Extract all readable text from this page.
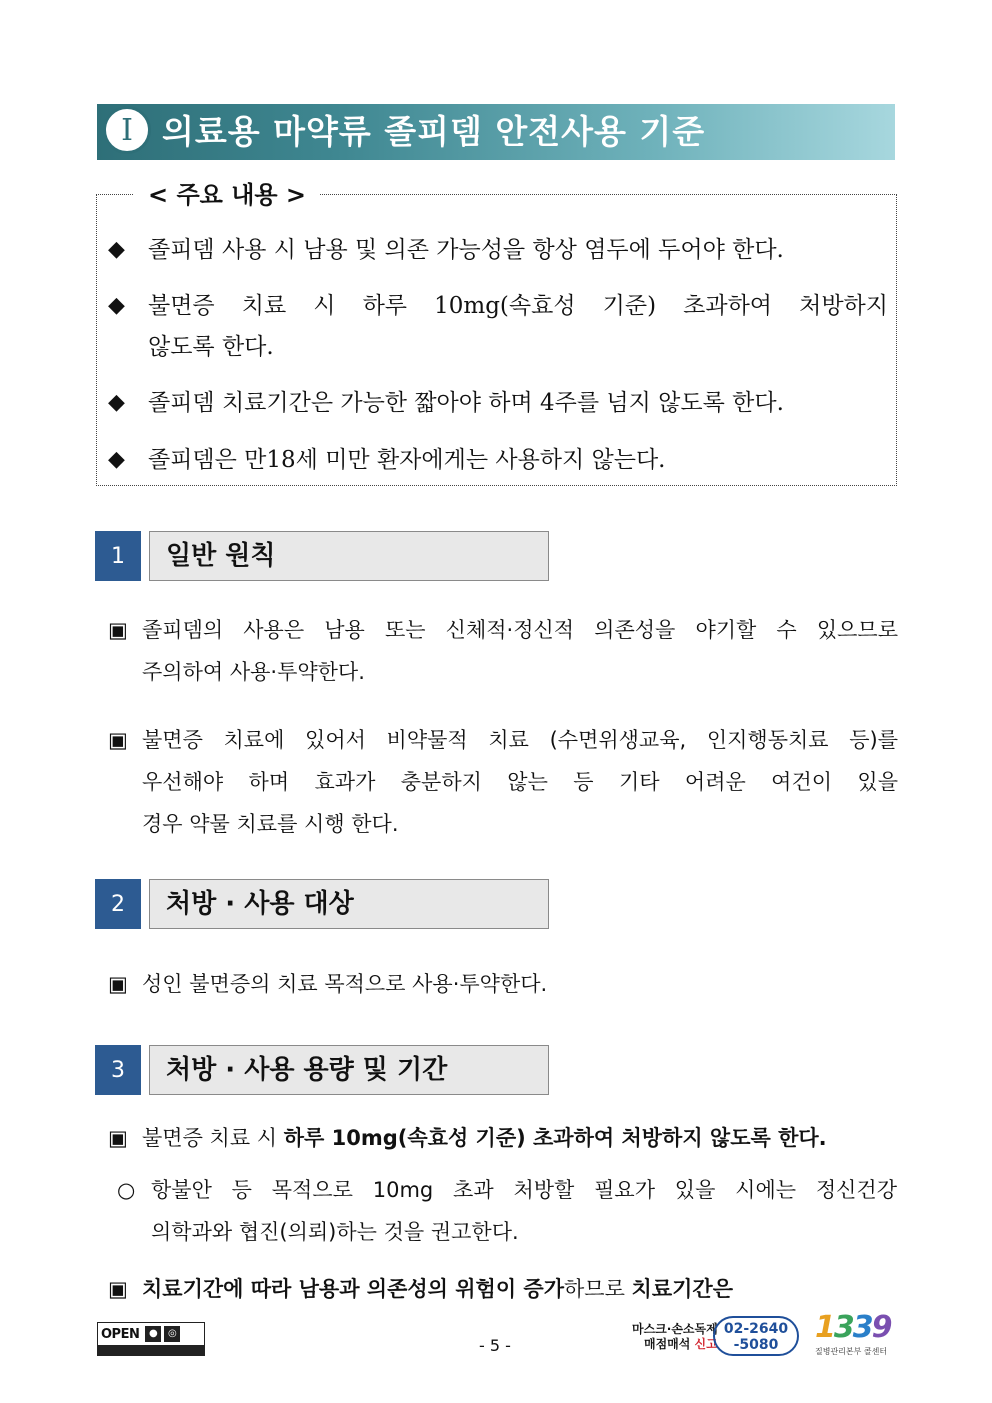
Ⅰ 의료용 마약류 졸피뎀 안전사용 기준
< 주요 내용 >
◆	졸피뎀 사용 시 남용 및 의존 가능성을 항상 염두에 두어야 한다.
◆	불면증 치료 시 하루 10mg(속효성 기준) 초과하여 처방하지
않도록 한다.
◆	졸피뎀 치료기간은 가능한 짧아야 하며 4주를 넘지 않도록 한다.
◆	졸피뎀은 만18세 미만 환자에게는 사용하지 않는다.
1	일반 원칙
▣ 졸피뎀의 사용은 남용 또는 신체적·정신적 의존성을 야기할 수 있으므로
주의하여 사용·투약한다.
▣ 불면증 치료에 있어서 비약물적 치료 (수면위생교육, 인지행동치료 등)를
우선해야 하며 효과가 충분하지 않는 등 기타 어려운 여건이 있을
경우 약물 치료를 시행 한다.
2	처방 · 사용 대상
▣ 성인 불면증의 치료 목적으로 사용·투약한다.
3	처방 · 사용 용량 및 기간
▣ 불면증 치료 시 하루 10mg(속효성 기준) 초과하여 처방하지 않도록 한다.
○ 항불안 등 목적으로 10mg 초과 처방할 필요가 있을 시에는 정신건강
의학과와 협진(의뢰)하는 것을 권고한다.
▣ 치료기간에 따라 남용과 의존성의 위험이 증가하므로 치료기간은
OPEN ●	◎
- 5 -
마스크·손소독제
매점매석 신고
02-2640
-5080	1339
질병관리본부 콜센터
